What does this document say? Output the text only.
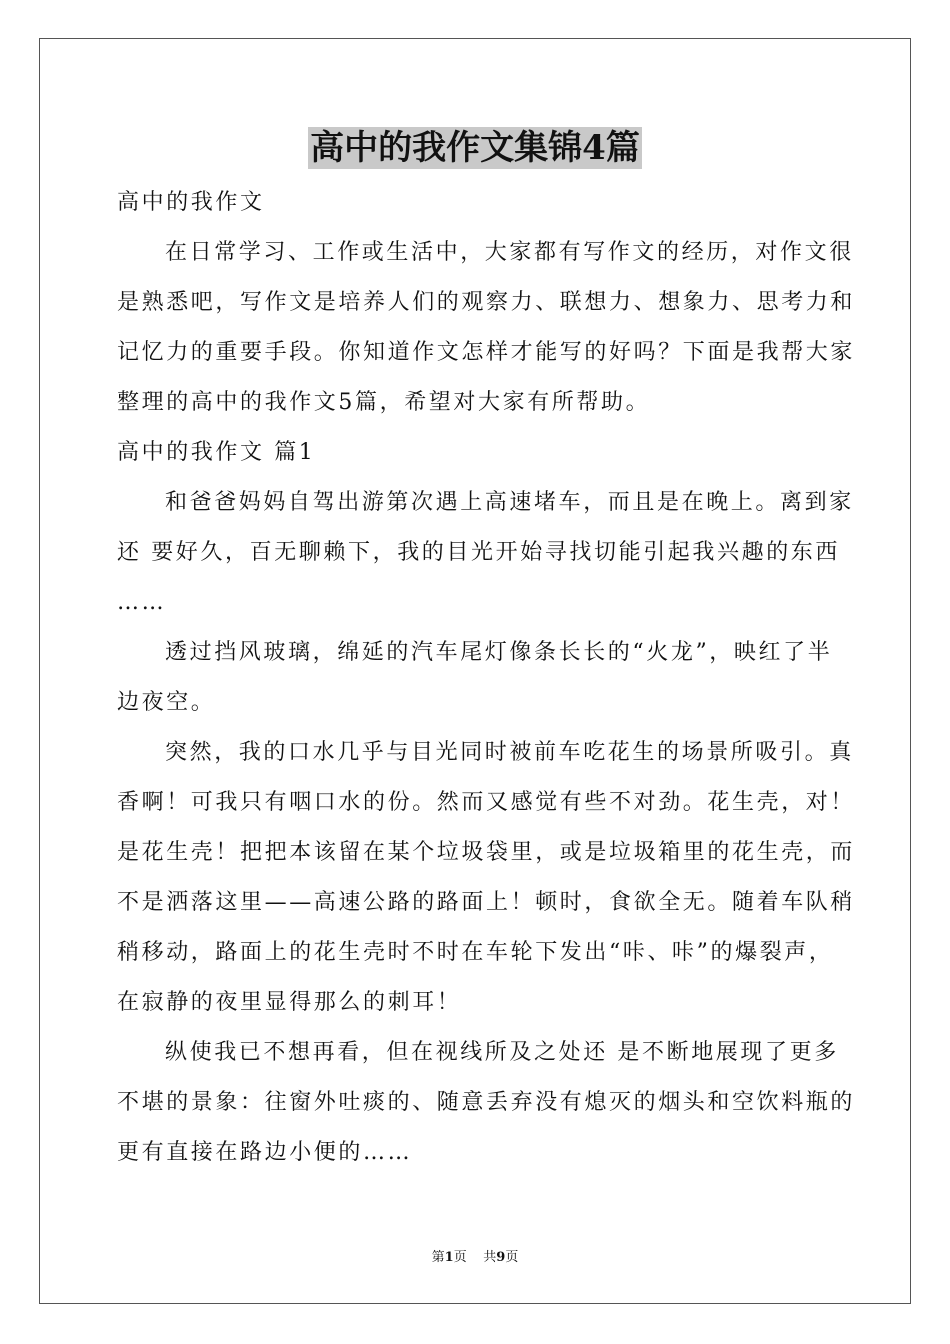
高中的我作文集锦4篇
高中的我作文
在日常学习、工作或生活中，大家都有写作文的经历，对作文很
是熟悉吧，写作文是培养人们的观察力、联想力、想象力、思考力和
记忆力的重要手段。你知道作文怎样才能写的好吗？下面是我帮大家
整理的高中的我作文5篇，希望对大家有所帮助。
高中的我作文 篇1
和爸爸妈妈自驾出游第次遇上高速堵车，而且是在晚上。离到家
还 要好久，百无聊赖下，我的目光开始寻找切能引起我兴趣的东西
……
透过挡风玻璃，绵延的汽车尾灯像条长长的“火龙”，映红了半
边夜空。
突然，我的口水几乎与目光同时被前车吃花生的场景所吸引。真
香啊！可我只有咽口水的份。然而又感觉有些不对劲。花生壳，对！
是花生壳！把把本该留在某个垃圾袋里，或是垃圾箱里的花生壳，而
不是洒落这里——高速公路的路面上！顿时，食欲全无。随着车队稍
稍移动，路面上的花生壳时不时在车轮下发出“咔、咔”的爆裂声，
在寂静的夜里显得那么的刺耳！
纵使我已不想再看，但在视线所及之处还 是不断地展现了更多
不堪的景象：往窗外吐痰的、随意丢弃没有熄灭的烟头和空饮料瓶的
更有直接在路边小便的……
第1页 共9页
